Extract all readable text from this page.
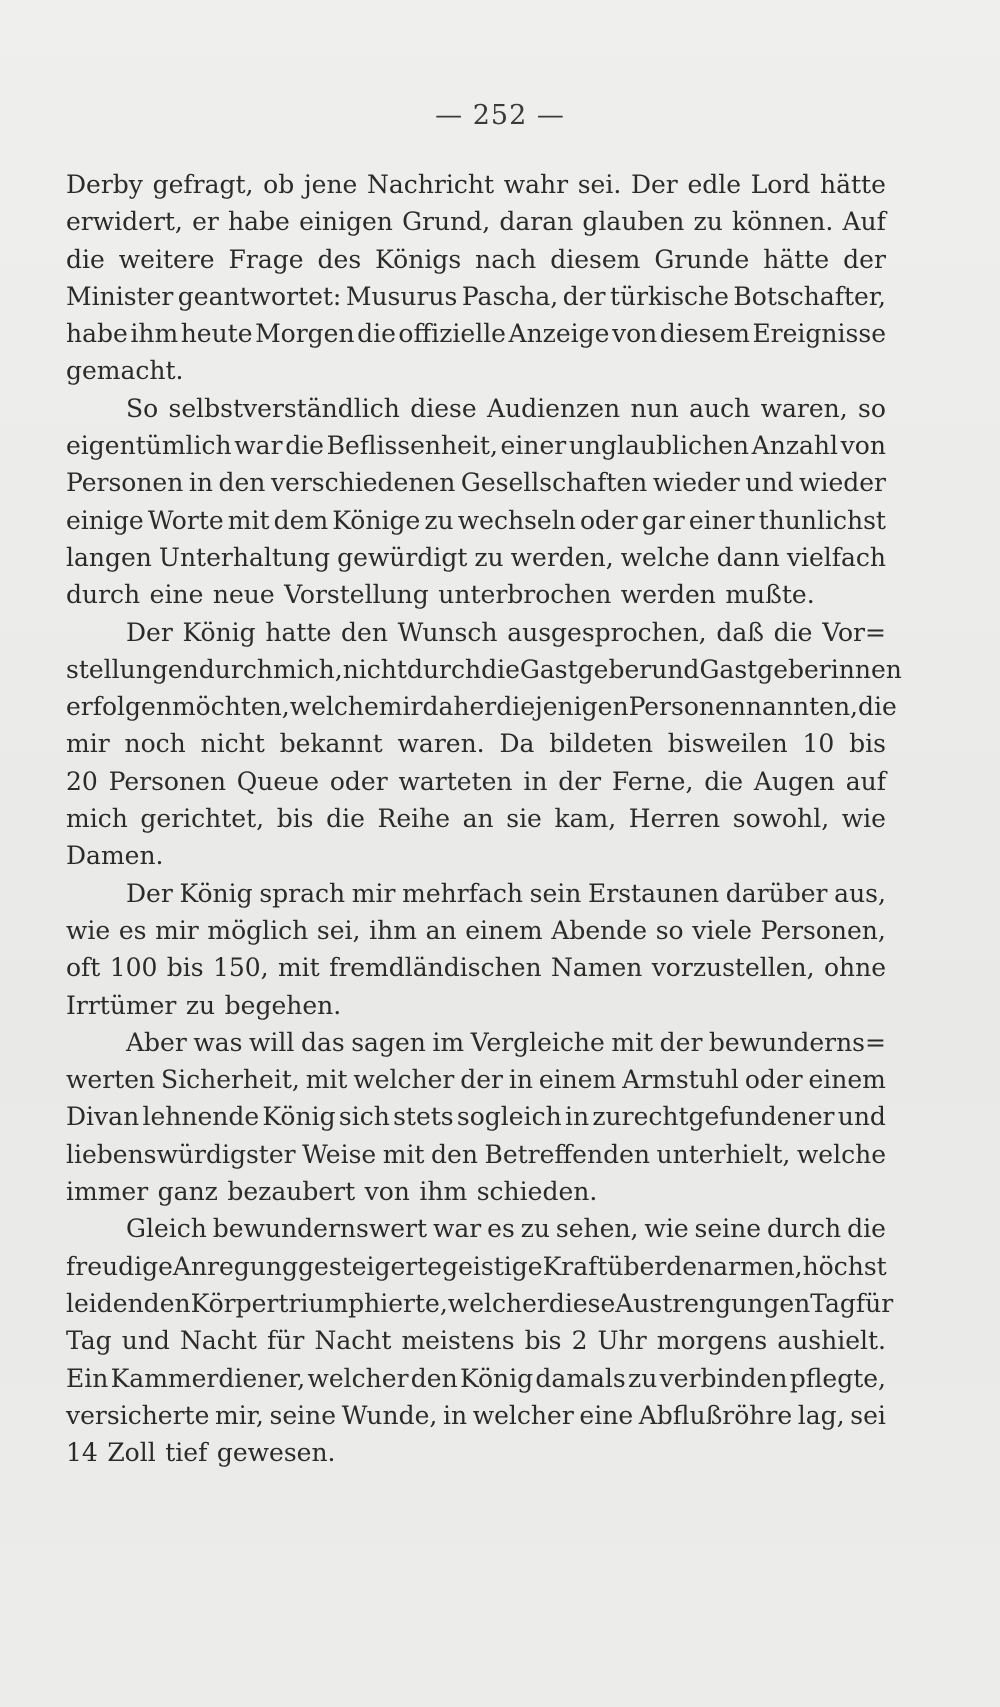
— 252 —
Derby gefragt, ob jene Nachricht wahr sei. Der edle Lord hätte
erwidert, er habe einigen Grund, daran glauben zu können. Auf
die weitere Frage des Königs nach diesem Grunde hätte der
Minister geantwortet: Musurus Pascha, der türkische Botschafter,
habe ihm heute Morgen die offizielle Anzeige von diesem Ereignisse
gemacht.
So selbstverständlich diese Audienzen nun auch waren, so
eigentümlich war die Beflissenheit, einer unglaublichen Anzahl von
Personen in den verschiedenen Gesellschaften wieder und wieder
einige Worte mit dem Könige zu wechseln oder gar einer thunlichst
langen Unterhaltung gewürdigt zu werden, welche dann vielfach
durch eine neue Vorstellung unterbrochen werden mußte.
Der König hatte den Wunsch ausgesprochen, daß die Vor=
stellungen durch mich, nicht durch die Gastgeber und Gastgeberinnen
erfolgen möchten, welche mir daher diejenigen Personen nannten, die
mir noch nicht bekannt waren. Da bildeten bisweilen 10 bis
20 Personen Queue oder warteten in der Ferne, die Augen auf
mich gerichtet, bis die Reihe an sie kam, Herren sowohl, wie
Damen.
Der König sprach mir mehrfach sein Erstaunen darüber aus,
wie es mir möglich sei, ihm an einem Abende so viele Personen,
oft 100 bis 150, mit fremdländischen Namen vorzustellen, ohne
Irrtümer zu begehen.
Aber was will das sagen im Vergleiche mit der bewunderns=
werten Sicherheit, mit welcher der in einem Armstuhl oder einem
Divan lehnende König sich stets sogleich in zurechtgefundener und
liebenswürdigster Weise mit den Betreffenden unterhielt, welche
immer ganz bezaubert von ihm schieden.
Gleich bewundernswert war es zu sehen, wie seine durch die
freudige Anregung gesteigerte geistige Kraft über den armen, höchst
leidenden Körper triumphierte, welcher diese Austrengungen Tag für
Tag und Nacht für Nacht meistens bis 2 Uhr morgens aushielt.
Ein Kammerdiener, welcher den König damals zu verbinden pflegte,
versicherte mir, seine Wunde, in welcher eine Abflußröhre lag, sei
14 Zoll tief gewesen.
